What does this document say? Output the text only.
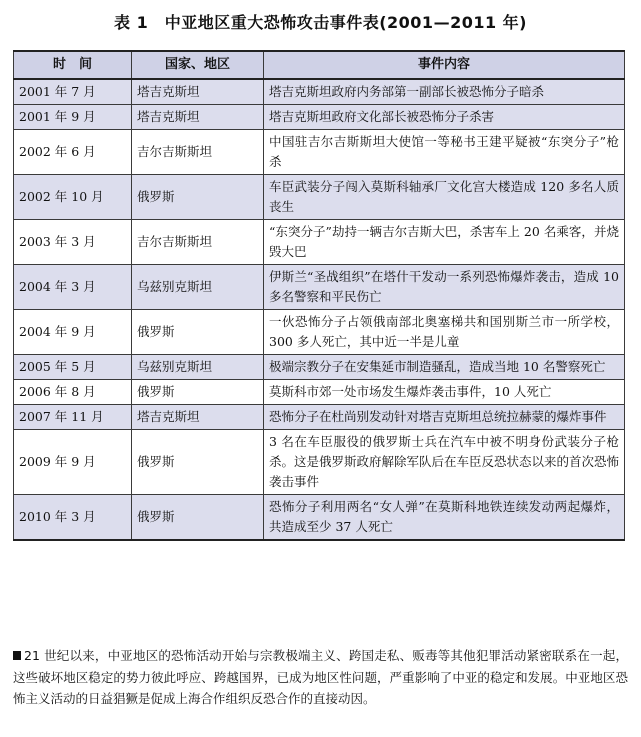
表 1　中亚地区重大恐怖攻击事件表(2001—2011 年)
时　间	国家、地区	事件内容
2001 年 7 月	塔吉克斯坦	塔吉克斯坦政府内务部第一副部长被恐怖分子暗杀
2001 年 9 月	塔吉克斯坦	塔吉克斯坦政府文化部长被恐怖分子杀害
2002 年 6 月	吉尔吉斯斯坦	中国驻吉尔吉斯斯坦大使馆一等秘书王建平疑被“东突分子”枪杀
2002 年 10 月	俄罗斯	车臣武装分子闯入莫斯科轴承厂文化宫大楼造成 120 多名人质丧生
2003 年 3 月	吉尔吉斯斯坦	“东突分子”劫持一辆吉尔吉斯大巴，杀害车上 20 名乘客，并烧毁大巴
2004 年 3 月	乌兹别克斯坦	伊斯兰“圣战组织”在塔什干发动一系列恐怖爆炸袭击，造成 10 多名警察和平民伤亡
2004 年 9 月	俄罗斯	一伙恐怖分子占领俄南部北奥塞梯共和国别斯兰市一所学校，300 多人死亡，其中近一半是儿童
2005 年 5 月	乌兹别克斯坦	极端宗教分子在安集延市制造骚乱，造成当地 10 名警察死亡
2006 年 8 月	俄罗斯	莫斯科市郊一处市场发生爆炸袭击事件，10 人死亡
2007 年 11 月	塔吉克斯坦	恐怖分子在杜尚别发动针对塔吉克斯坦总统拉赫蒙的爆炸事件
2009 年 9 月	俄罗斯	3 名在车臣服役的俄罗斯士兵在汽车中被不明身份武装分子枪杀。这是俄罗斯政府解除军队后在车臣反恐状态以来的首次恐怖袭击事件
2010 年 3 月	俄罗斯	恐怖分子利用两名“女人弹”在莫斯科地铁连续发动两起爆炸，共造成至少 37 人死亡
21 世纪以来，中亚地区的恐怖活动开始与宗教极端主义、跨国走私、贩毒等其他犯罪活动紧密联系在一起，这些破坏地区稳定的势力彼此呼应、跨越国界，已成为地区性问题，严重影响了中亚的稳定和发展。中亚地区恐怖主义活动的日益猖獗是促成上海合作组织反恐合作的直接动因。
